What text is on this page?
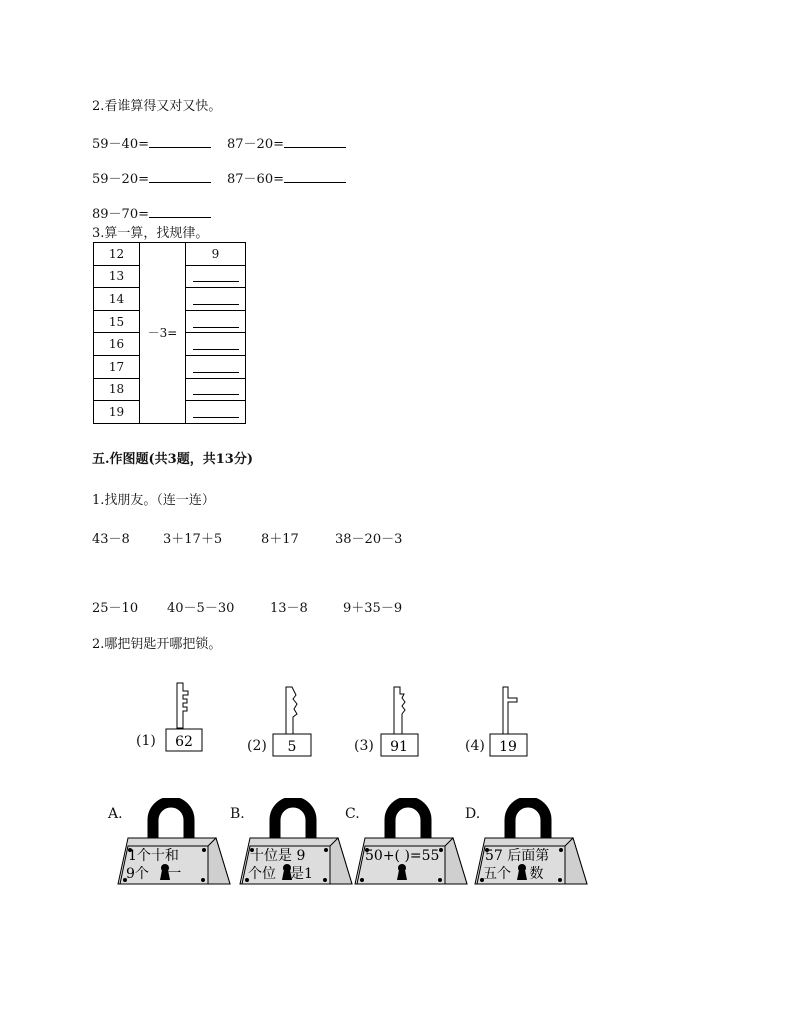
2.看谁算得又对又快。
59－40=	87－20=
59－20=	87－60=
89－70=
3.算一算，找规律。
12	－3=	9
13		
14		
15		
16		
17		
18		
19		
五.作图题(共3题，共13分)
1.找朋友。（连一连）
43－8	3＋17＋5	8＋17	38－20－3
25－10 40－5－30	13－8	9＋35－9
2.哪把钥匙开哪把锁。
(1) 62	(2) 5	(3) 91	(4) 19
1个十和
9个　 一
A.
十位是 9
个位　是1
B.
50+( )=55
C.
57 后面第
五个　 数
D.
